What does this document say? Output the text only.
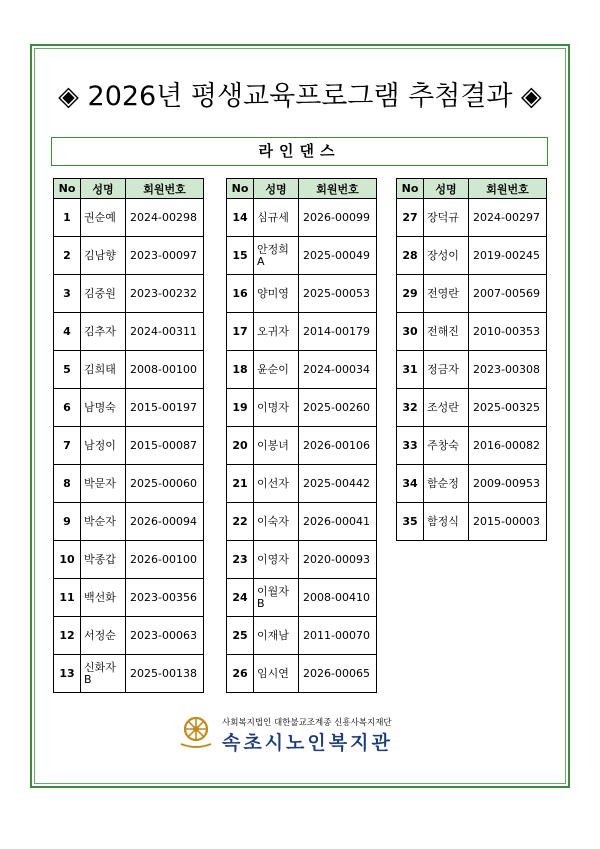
◈ 2026년 평생교육프로그램 추첨결과 ◈
라인댄스
No	성명	회원번호
1	권순예	2024-00298
2	김남향	2023-00097
3	김중원	2023-00232
4	김추자	2024-00311
5	김희태	2008-00100
6	남명숙	2015-00197
7	남정이	2015-00087
8	박문자	2025-00060
9	박순자	2026-00094
10	박종갑	2026-00100
11	백선화	2023-00356
12	서정순	2023-00063
13	신화자B	2025-00138
No	성명	회원번호
14	심규세	2026-00099
15	안정희A	2025-00049
16	양미영	2025-00053
17	오귀자	2014-00179
18	윤순이	2024-00034
19	이명자	2025-00260
20	이봉녀	2026-00106
21	이선자	2025-00442
22	이숙자	2026-00041
23	이영자	2020-00093
24	이월자B	2008-00410
25	이재남	2011-00070
26	임시연	2026-00065
No	성명	회원번호
27	장덕규	2024-00297
28	장성이	2019-00245
29	전영란	2007-00569
30	전해진	2010-00353
31	정금자	2023-00308
32	조성란	2025-00325
33	주창숙	2016-00082
34	함순정	2009-00953
35	함정식	2015-00003
사회복지법인 대한불교조계종 신흥사복지재단
속초시노인복지관
